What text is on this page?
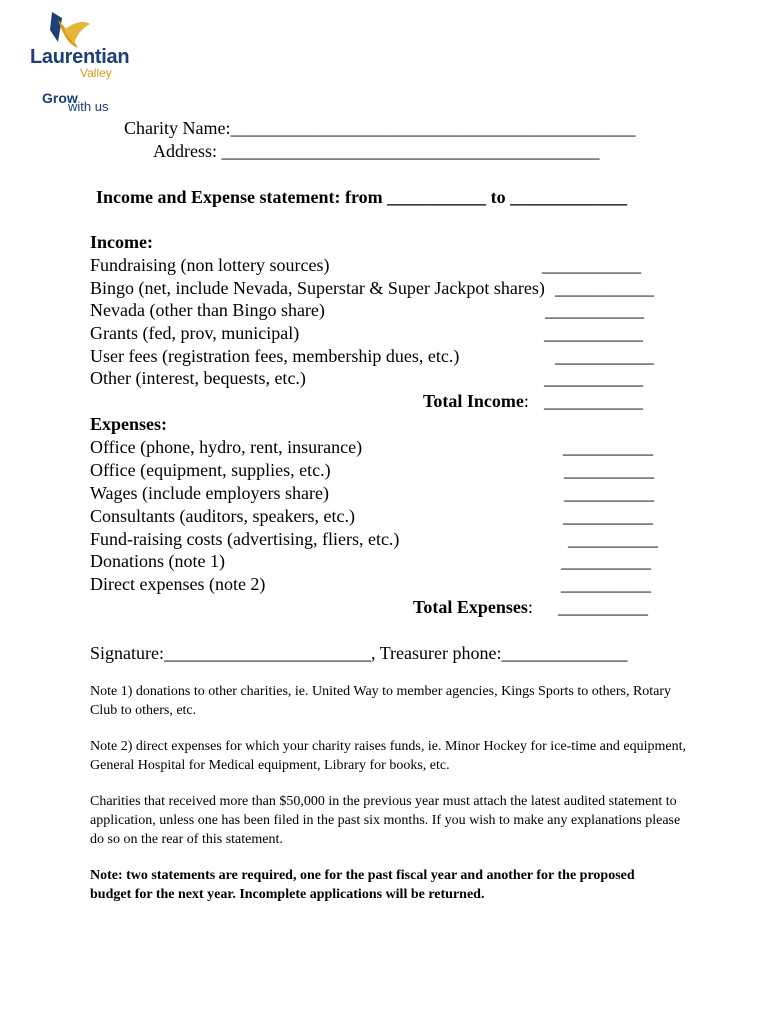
Laurentian
Valley
Grow
with us
Charity Name:_____________________________________________
Address: __________________________________________
Income and Expense statement: from ___________ to _____________
Income:
Fundraising (non lottery sources)	___________
Bingo (net, include Nevada, Superstar & Super Jackpot shares) ___________
Nevada (other than Bingo share)	___________
Grants (fed, prov, municipal)	___________
User fees (registration fees, membership dues, etc.)	___________
Other (interest, bequests, etc.)	___________
Total Income: ___________
Expenses:
Office (phone, hydro, rent, insurance)	__________
Office (equipment, supplies, etc.)	__________
Wages (include employers share)	__________
Consultants (auditors, speakers, etc.)	__________
Fund-raising costs (advertising, fliers, etc.)	__________
Donations (note 1)	__________
Direct expenses (note 2)	__________
Total Expenses: __________
Signature:_______________________, Treasurer phone:______________
Note 1) donations to other charities, ie. United Way to member agencies, Kings Sports to others, Rotary Club to others, etc.
Note 2) direct expenses for which your charity raises funds, ie. Minor Hockey for ice-time and equipment, General Hospital for Medical equipment, Library for books, etc.
Charities that received more than $50,000 in the previous year must attach the latest audited statement to application, unless one has been filed in the past six months. If you wish to make any explanations please do so on the rear of this statement.
Note: two statements are required, one for the past fiscal year and another for the proposed budget for the next year. Incomplete applications will be returned.
